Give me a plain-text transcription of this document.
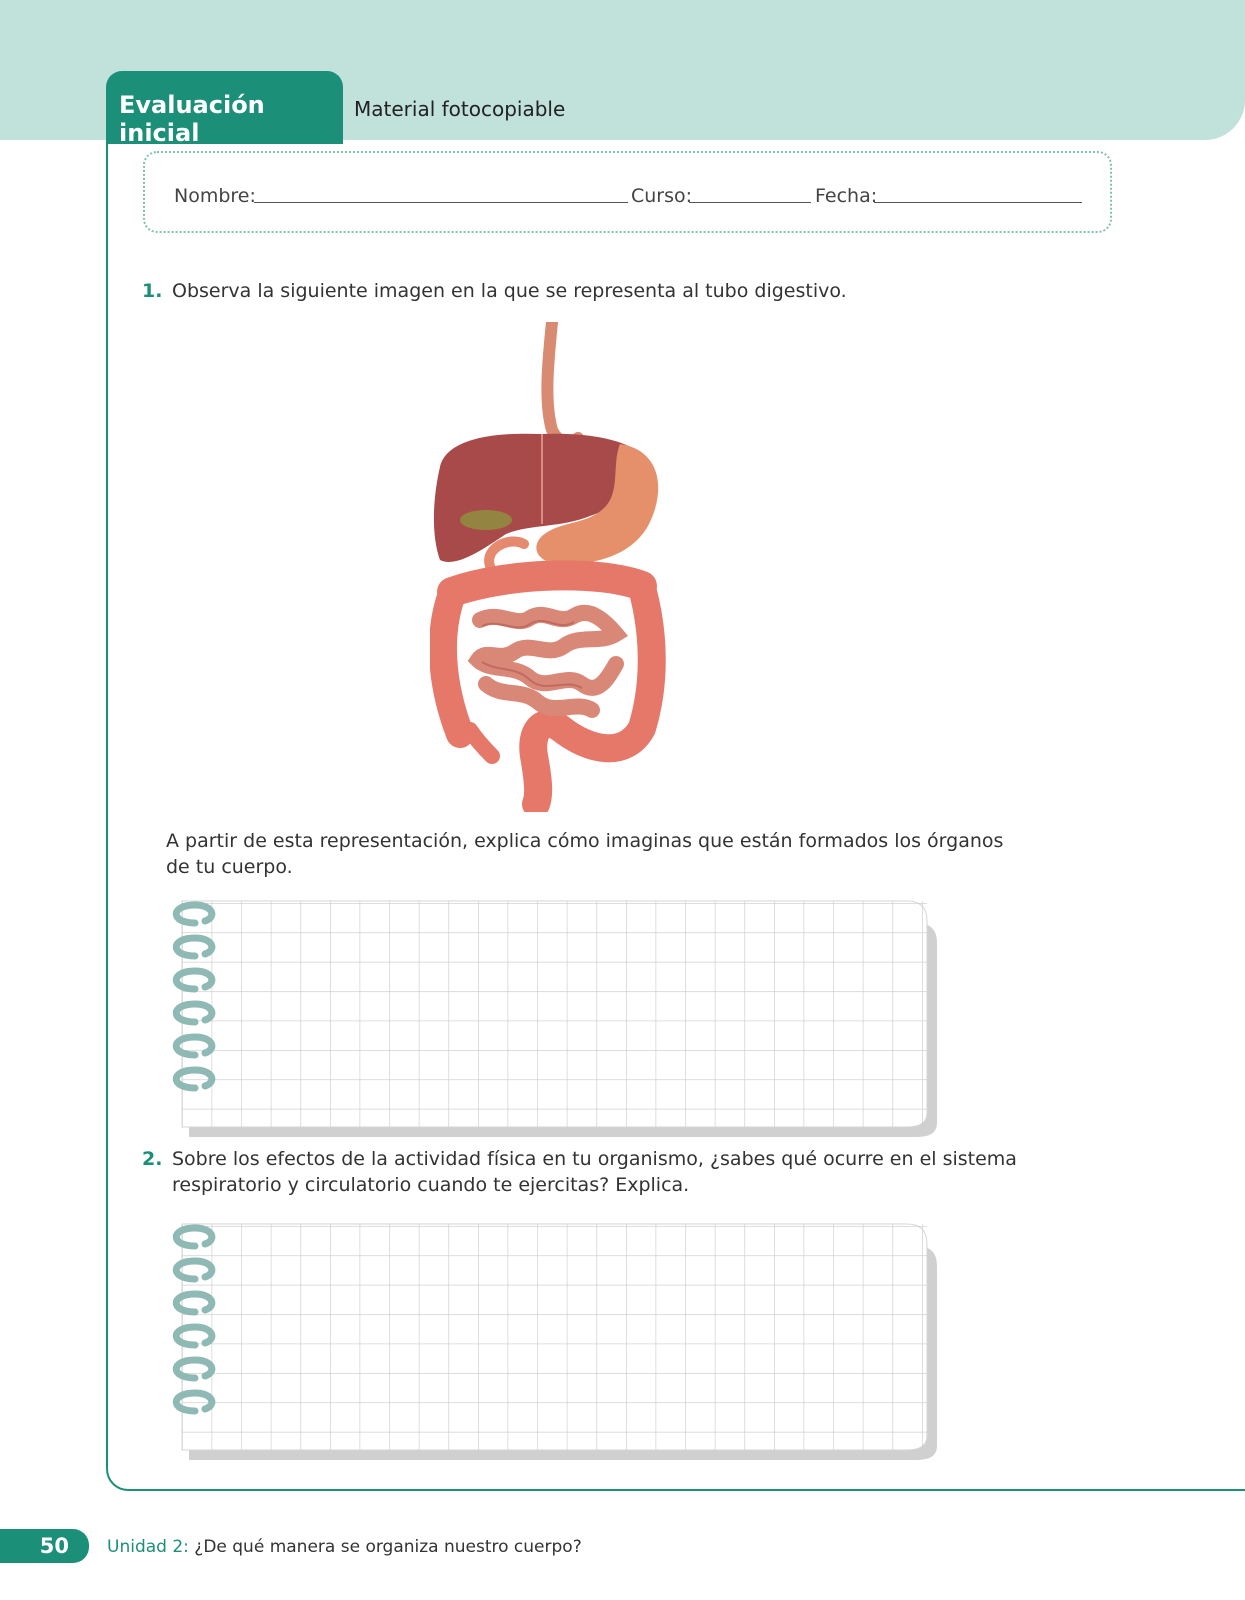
Evaluación inicial
Material fotocopiable
Nombre:	Curso:	Fecha:
1. Observa la siguiente imagen en la que se representa al tubo digestivo.
A partir de esta representación, explica cómo imaginas que están formados los órganos
de tu cuerpo.
2. Sobre los efectos de la actividad física en tu organismo, ¿sabes qué ocurre en el sistema
respiratorio y circulatorio cuando te ejercitas? Explica.
50	Unidad 2: ¿De qué manera se organiza nuestro cuerpo?
